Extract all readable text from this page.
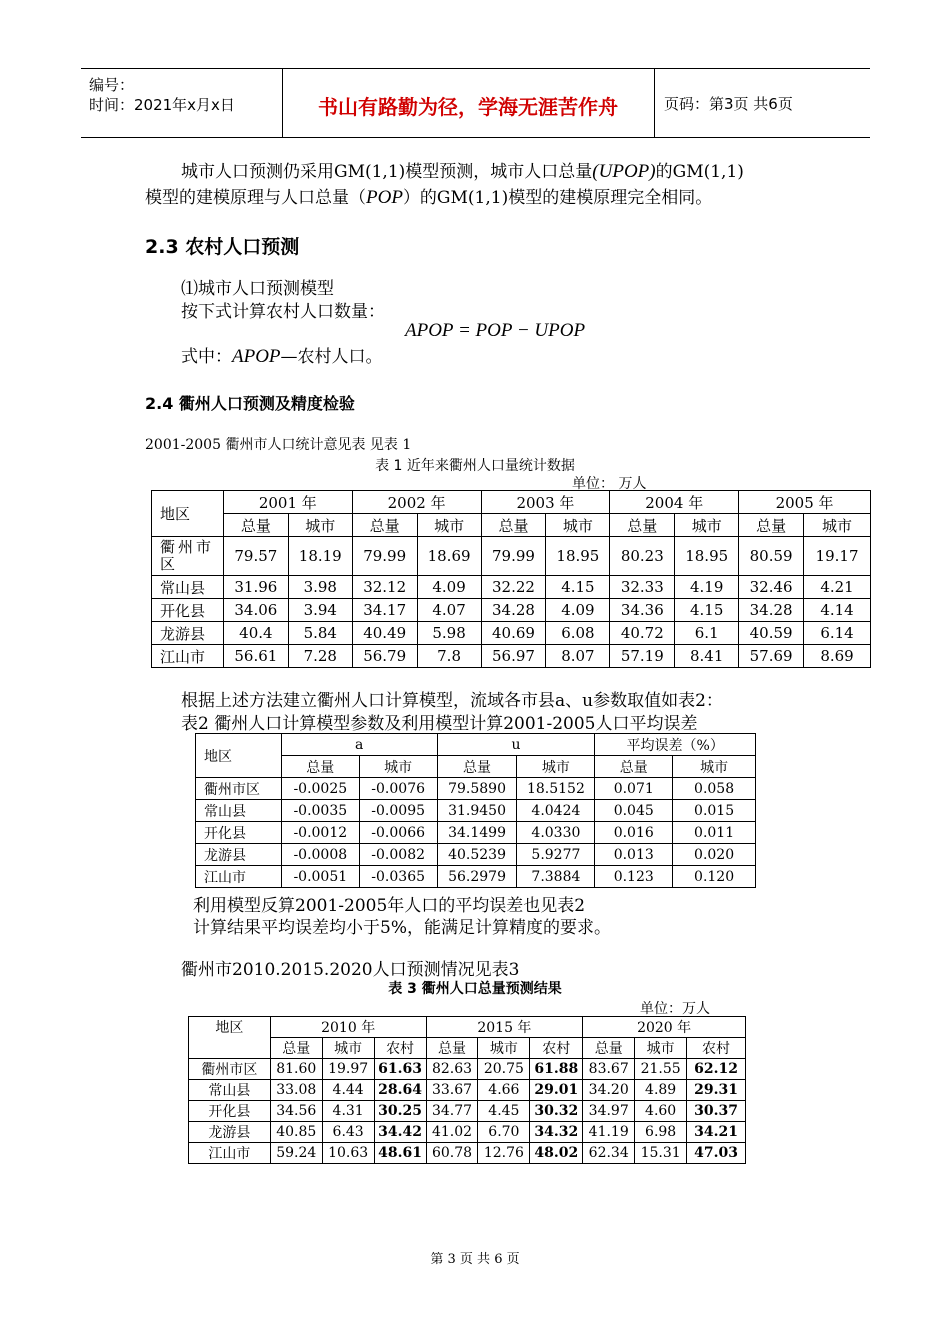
编号：
时间：2021年x月x日	书山有路勤为径，学海无涯苦作舟	页码：第3页 共6页
城市人口预测仍采用GM(1,1)模型预测，城市人口总量(UPOP)的GM(1,1)
模型的建模原理与人口总量（POP）的GM(1,1)模型的建模原理完全相同。
2.3 农村人口预测
⑴城市人口预测模型
按下式计算农村人口数量：
APOP = POP − UPOP
式中：APOP—农村人口。
2.4 衢州人口预测及精度检验
2001-2005 衢州市人口统计意见表 见表 1
表 1 近年来衢州人口量统计数据
单位： 万人
地区	2001 年		2002 年		2003 年		2004 年		2005 年	
	总量	城市	总量	城市	总量	城市	总量	城市	总量	城市
衢州市区	79.57	18.19	79.99	18.69	79.99	18.95	80.23	18.95	80.59	19.17
常山县	31.96	3.98	32.12	4.09	32.22	4.15	32.33	4.19	32.46	4.21
开化县	34.06	3.94	34.17	4.07	34.28	4.09	34.36	4.15	34.28	4.14
龙游县	40.4	5.84	40.49	5.98	40.69	6.08	40.72	6.1	40.59	6.14
江山市	56.61	7.28	56.79	7.8	56.97	8.07	57.19	8.41	57.69	8.69
根据上述方法建立衢州人口计算模型，流域各市县a、u参数取值如表2：
表2 衢州人口计算模型参数及利用模型计算2001-2005人口平均误差
地区	a		u		平均误差（%）	
	总量	城市	总量	城市	总量	城市
衢州市区	-0.0025	-0.0076	79.5890	18.5152	0.071	0.058
常山县	-0.0035	-0.0095	31.9450	4.0424	0.045	0.015
开化县	-0.0012	-0.0066	34.1499	4.0330	0.016	0.011
龙游县	-0.0008	-0.0082	40.5239	5.9277	0.013	0.020
江山市	-0.0051	-0.0365	56.2979	7.3884	0.123	0.120
利用模型反算2001-2005年人口的平均误差也见表2
计算结果平均误差均小于5%，能满足计算精度的要求。
衢州市2010.2015.2020人口预测情况见表3
表 3 衢州人口总量预测结果
单位：万人
地区	2010 年			2015 年			2020 年		
	总量	城市	农村	总量	城市	农村	总量	城市	农村
衢州市区	81.60	19.97	61.63	82.63	20.75	61.88	83.67	21.55	62.12
常山县	33.08	4.44	28.64	33.67	4.66	29.01	34.20	4.89	29.31
开化县	34.56	4.31	30.25	34.77	4.45	30.32	34.97	4.60	30.37
龙游县	40.85	6.43	34.42	41.02	6.70	34.32	41.19	6.98	34.21
江山市	59.24	10.63	48.61	60.78	12.76	48.02	62.34	15.31	47.03
第 3 页 共 6 页
